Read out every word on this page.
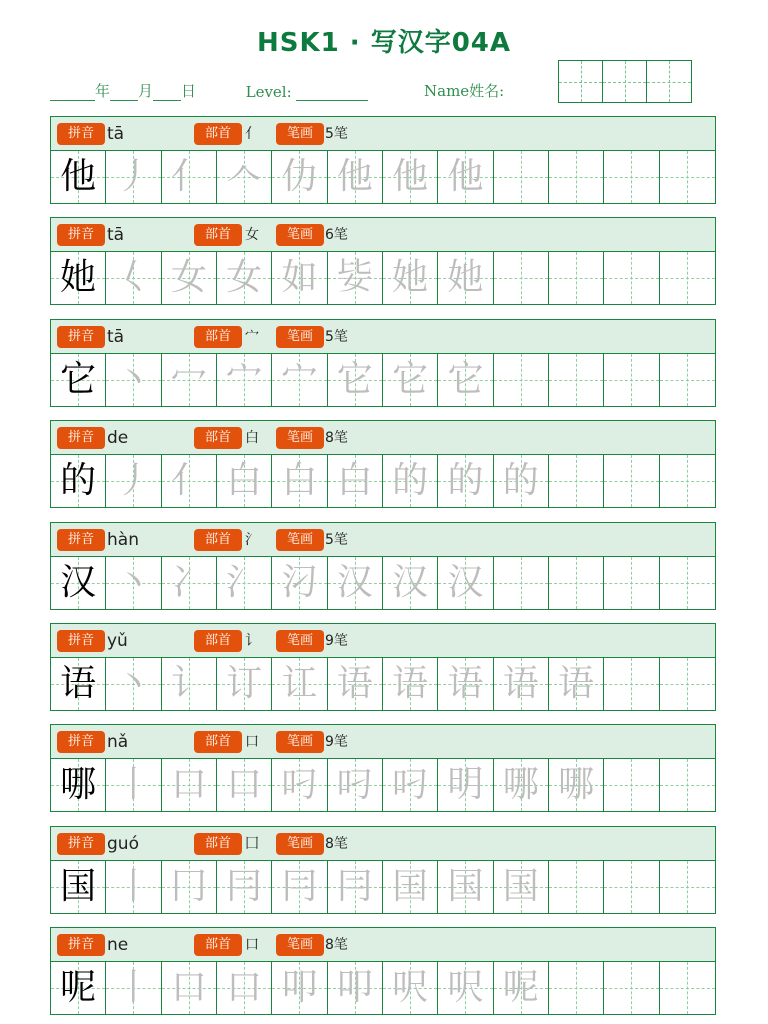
HSK1 · 写汉字04A
年 月 日	Level:	Name姓名:
拼音 tā	部首	亻	笔画 5笔
他 丿 亻 𠆢 仂 他 他 他
拼音 tā	部首	女	笔画 6笔
她 𡿨 女 女 如 𡛗 她 她
拼音 tā	部首	宀	笔画 5笔
它 丶 冖 宀 宀 它 它 它
拼音 de	部首	白	笔画 8笔
的 丿 亻 白 白 白 的 的 的
拼音 hàn	部首	氵	笔画 5笔
汉 丶 冫 氵 汈 汉 汉 汉
拼音 yǔ	部首	讠	笔画 9笔
语 丶 讠 订 讧 语 语 语 语 语
拼音 nǎ	部首	口	笔画 9笔
哪 丨 口 口 叼 叼 叼 明 哪 哪
拼音 guó	部首	囗	笔画 8笔
国 丨 冂 冃 冃 冃 囯 国 国
拼音 ne	部首	口	笔画 8笔
呢 丨 口 口 叩 叩 呎 呎 呢
